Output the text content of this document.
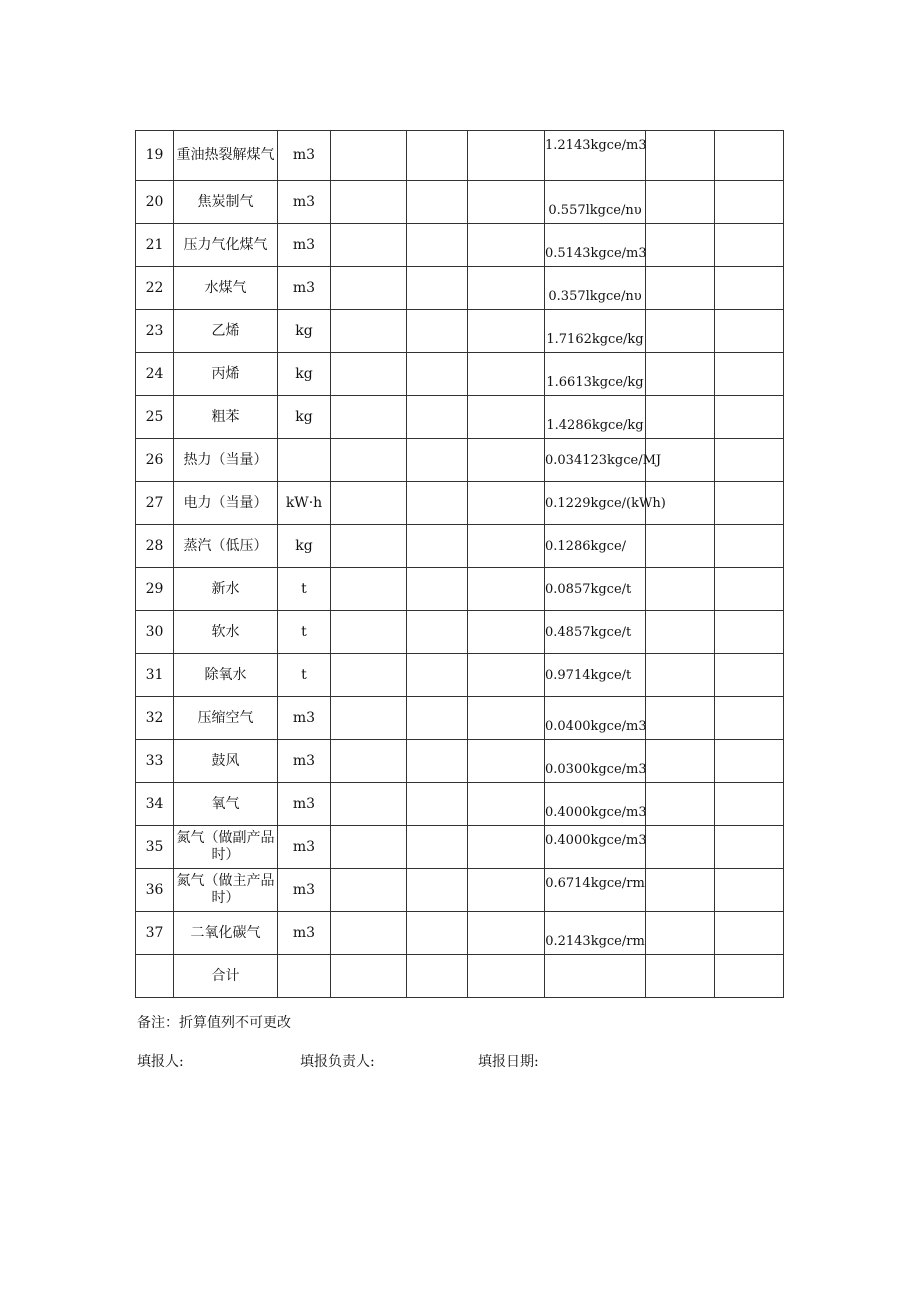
19	重油热裂解煤气	m3				1.2143kgce/m3		
20	焦炭制气	m3				0.557lkgce/nυ		
21	压力气化煤气	m3				0.5143kgce/m3		
22	水煤气	m3				0.357lkgce/nυ		
23	乙烯	kg				1.7162kgce/kg		
24	丙烯	kg				1.6613kgce/kg		
25	粗苯	kg				1.4286kgce/kg		
26	热力（当量）					0.034123kgce/MJ		
27	电力（当量）	kW·h				0.1229kgce/(kWh)		
28	蒸汽（低压）	kg				0.1286kgce/		
29	新水	t				0.0857kgce/t		
30	软水	t				0.4857kgce/t		
31	除氧水	t				0.9714kgce/t		
32	压缩空气	m3				0.0400kgce/m3		
33	鼓风	m3				0.0300kgce/m3		
34	氧气	m3				0.4000kgce/m3		
35	氮气（做副产品时）	m3				0.4000kgce/m3		
36	氮气（做主产品时）	m3				0.6714kgce/rm		
37	二氧化碳气	m3				0.2143kgce/rm		
	合计							
备注：折算值列不可更改
填报人:	填报负责人:	填报日期:
